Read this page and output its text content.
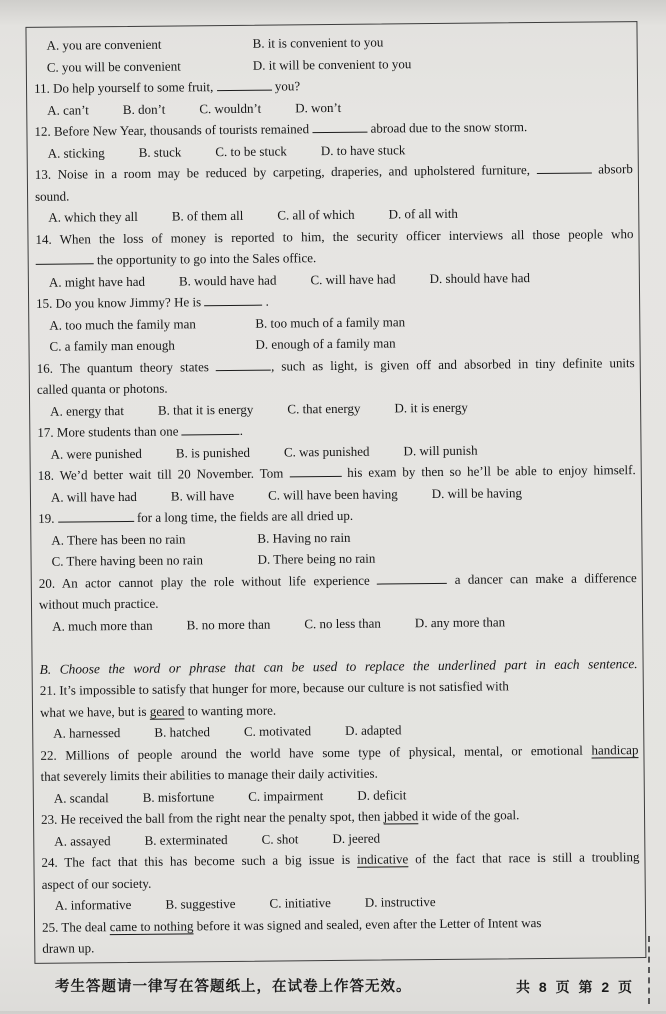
A. you are convenient	B. it is convenient to you
C. you will be convenient	D. it will be convenient to you
11. Do help yourself to some fruit,	you?
A. can’t	B. don’t	C. wouldn’t	D. won’t
12. Before New Year, thousands of tourists remained	abroad due to the snow storm.
A. sticking	B. stuck	C. to be stuck	D. to have stuck
13. Noise in a room may be reduced by carpeting, draperies, and upholstered furniture,	absorb
sound.
A. which they all	B. of them all	C. all of which	D. of all with
14. When the loss of money is reported to him, the security officer interviews all those people who
the opportunity to go into the Sales office.
A. might have had	B. would have had	C. will have had	D. should have had
15. Do you know Jimmy? He is	.
A. too much the family man	B. too much of a family man
C. a family man enough	D. enough of a family man
16. The quantum theory states	, such as light, is given off and absorbed in tiny definite units
called quanta or photons.
A. energy that	B. that it is energy	C. that energy	D. it is energy
17. More students than one	.
A. were punished	B. is punished	C. was punished	D. will punish
18. We’d better wait till 20 November. Tom	his exam by then so he’ll be able to enjoy himself.
A. will have had	B. will have	C. will have been having	D. will be having
19.	for a long time, the fields are all dried up.
A. There has been no rain	B. Having no rain
C. There having been no rain	D. There being no rain
20. An actor cannot play the role without life experience	a dancer can make a difference
without much practice.
A. much more than	B. no more than	C. no less than	D. any more than
B. Choose the word or phrase that can be used to replace the underlined part in each sentence.
21. It’s impossible to satisfy that hunger for more, because our culture is not satisfied with
what we have, but is geared to wanting more.
A. harnessed	B. hatched	C. motivated	D. adapted
22. Millions of people around the world have some type of physical, mental, or emotional handicap
that severely limits their abilities to manage their daily activities.
A. scandal	B. misfortune	C. impairment	D. deficit
23. He received the ball from the right near the penalty spot, then jabbed it wide of the goal.
A. assayed	B. exterminated	C. shot	D. jeered
24. The fact that this has become such a big issue is indicative of the fact that race is still a troubling
aspect of our society.
A. informative	B. suggestive	C. initiative	D. instructive
25. The deal came to nothing before it was signed and sealed, even after the Letter of Intent was
drawn up.
考生答题请一律写在答题纸上，在试卷上作答无效。	共 8 页 第 2 页
